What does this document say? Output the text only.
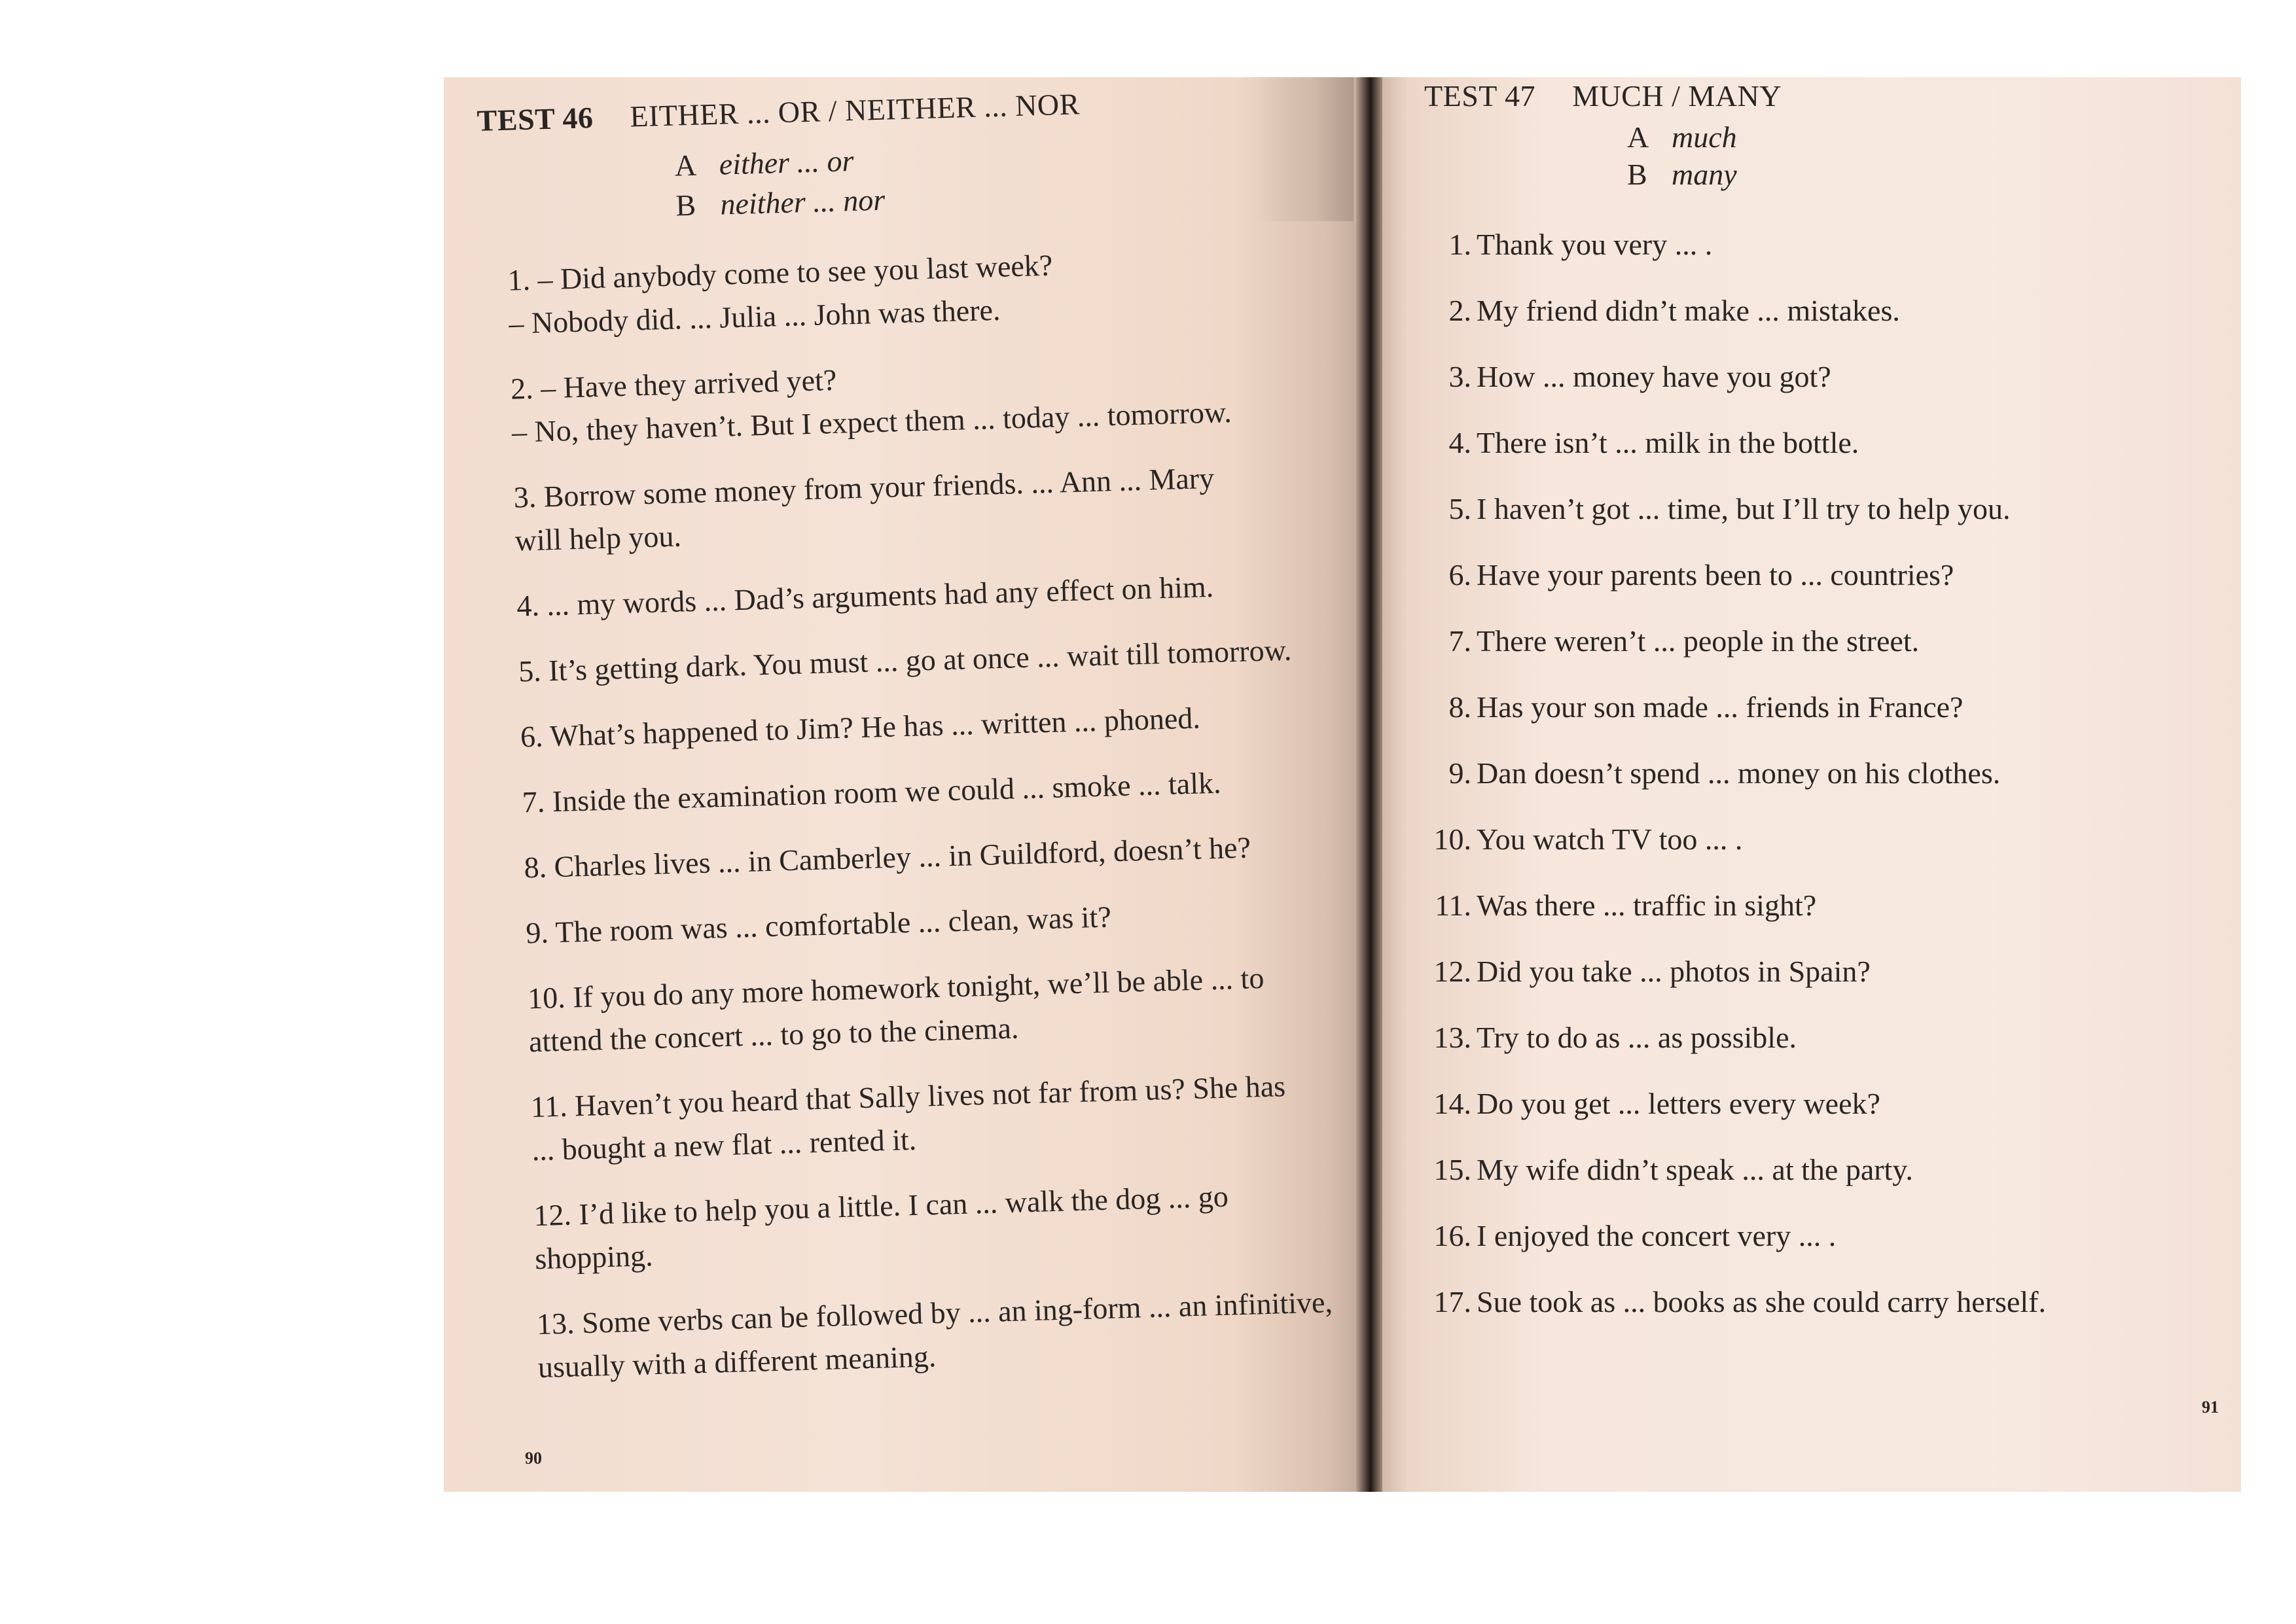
TEST 46 EITHER ... OR / NEITHER ... NOR
A either ... or
B neither ... nor
1. – Did anybody come to see you last week?
– Nobody did. ... Julia ... John was there.
2. – Have they arrived yet?
– No, they haven’t. But I expect them ... today ... tomorrow.
3. Borrow some money from your friends. ... Ann ... Mary
will help you.
4. ... my words ... Dad’s arguments had any effect on him.
5. It’s getting dark. You must ... go at once ... wait till tomorrow.
6. What’s happened to Jim? He has ... written ... phoned.
7. Inside the examination room we could ... smoke ... talk.
8. Charles lives ... in Camberley ... in Guildford, doesn’t he?
9. The room was ... comfortable ... clean, was it?
10. If you do any more homework tonight, we’ll be able ... to
attend the concert ... to go to the cinema.
11. Haven’t you heard that Sally lives not far from us? She has
... bought a new flat ... rented it.
12. I’d like to help you a little. I can ... walk the dog ... go
shopping.
13. Some verbs can be followed by ... an ing-form ... an infinitive,
usually with a different meaning.
90
TEST 47 MUCH / MANY
A much
B many
1. Thank you very ... .
2. My friend didn’t make ... mistakes.
3. How ... money have you got?
4. There isn’t ... milk in the bottle.
5. I haven’t got ... time, but I’ll try to help you.
6. Have your parents been to ... countries?
7. There weren’t ... people in the street.
8. Has your son made ... friends in France?
9. Dan doesn’t spend ... money on his clothes.
10. You watch TV too ... .
11. Was there ... traffic in sight?
12. Did you take ... photos in Spain?
13. Try to do as ... as possible.
14. Do you get ... letters every week?
15. My wife didn’t speak ... at the party.
16. I enjoyed the concert very ... .
17. Sue took as ... books as she could carry herself.
91
